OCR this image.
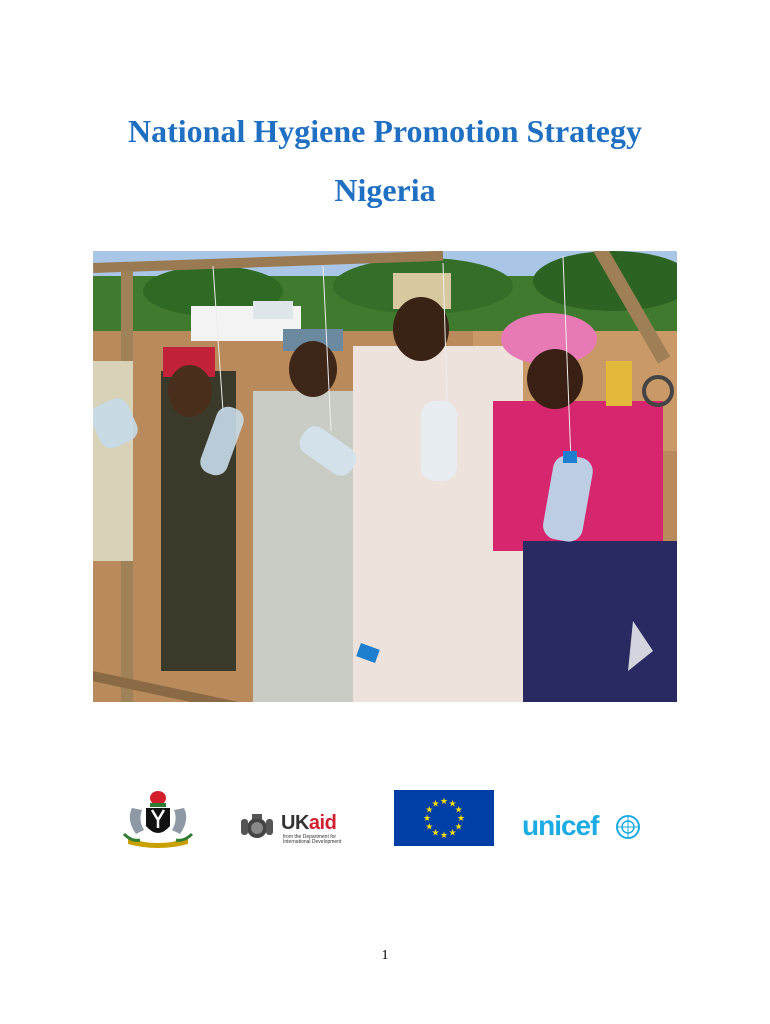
National Hygiene Promotion Strategy
Nigeria
UKaid
from the Department for International Development
★ ★
★
★
★
★
★
★
★
★
★
★
unicef
1
